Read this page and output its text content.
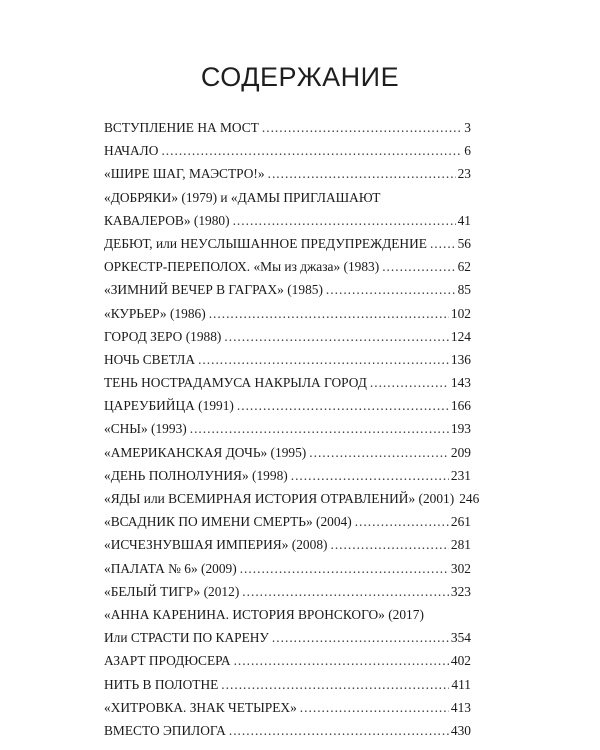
СОДЕРЖАНИЕ
ВСТУПЛЕНИЕ НА МОСТ .....	3
НАЧАЛО .....	6
«ШИРЕ ШАГ, МАЭСТРО!» .....	23
«ДОБРЯКИ» (1979) и «ДАМЫ ПРИГЛАШАЮТ
КАВАЛЕРОВ» (1980) .....	41
ДЕБЮТ, или НЕУСЛЫШАННОЕ ПРЕДУПРЕЖДЕНИЕ ..... 56
ОРКЕСТР-ПЕРЕПОЛОХ. «Мы из джаза» (1983) .....	62
«ЗИМНИЙ ВЕЧЕР В ГАГРАХ» (1985) .....	85
«КУРЬЕР» (1986) .....	102
ГОРОД ЗЕРО (1988) .....	124
НОЧЬ СВЕТЛА .....	136
ТЕНЬ НОСТРАДАМУСА НАКРЫЛА ГОРОД .....	143
ЦАРЕУБИЙЦА (1991) .....	166
«СНЫ» (1993) .....	193
«АМЕРИКАНСКАЯ ДОЧЬ» (1995) .....	209
«ДЕНЬ ПОЛНОЛУНИЯ» (1998) .....	231
«ЯДЫ или ВСЕМИРНАЯ ИСТОРИЯ ОТРАВЛЕНИЙ» (2001) 246
«ВСАДНИК ПО ИМЕНИ СМЕРТЬ» (2004) .....	261
«ИСЧЕЗНУВШАЯ ИМПЕРИЯ» (2008) .....	281
«ПАЛАТА № 6» (2009) .....	302
«БЕЛЫЙ ТИГР» (2012) .....	323
«АННА КАРЕНИНА. ИСТОРИЯ ВРОНСКОГО» (2017)
Или СТРАСТИ ПО КАРЕНУ .....	354
АЗАРТ ПРОДЮСЕРА .....	402
НИТЬ В ПОЛОТНЕ .....	411
«ХИТРОВКА. ЗНАК ЧЕТЫРЕХ» .....	413
ВМЕСТО ЭПИЛОГА .....	430
